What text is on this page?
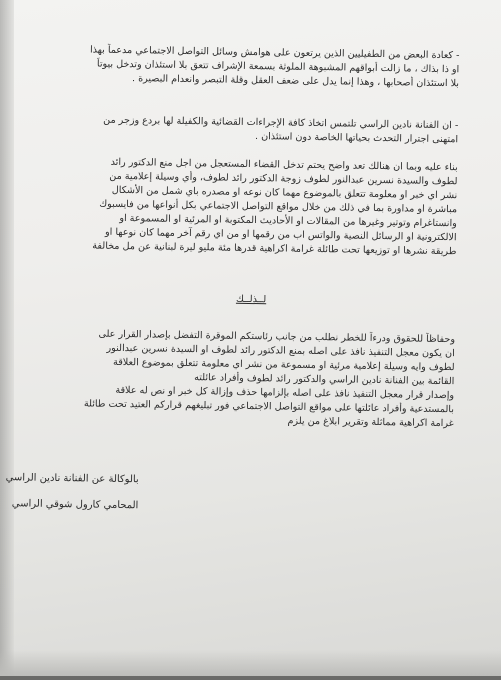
- كعادة البعض من الطفيليين الذين يرتعون على هوامش وسائل التواصل الاجتماعي مدعماً بهذا
او ذا بذاك ، ما زالت أبواقهم المشبوهة الملوثة بسمعة الإشراف تتعق بلا استئذان وتدخل بيوتاً
بلا استئذان أصحابها ، وهذا إنما يدل على ضعف العقل وقلة التبصر وانعدام البصيرة .
- ان الفنانة نادين الراسي تلتمس اتخاذ كافة الإجراءات القضائية والكفيلة لها بردع وزجر من
امتهنى اجترار التحدث بحياتها الخاصة دون استئذان .
بناء عليه وبما ان هنالك تعد واضح يحتم تدخل القضاء المستعجل من اجل منع الدكتور رائد
لطوف والسيدة نسرين عبدالنور لطوف زوجة الدكتور رائد لطوف، وأي وسيلة إعلامية من
نشر اي خبر او معلومة تتعلق بالموضوع مهما كان نوعه او مصدره باي شمل من الأشكال
مباشرة او مداورة بما في ذلك من خلال مواقع التواصل الاجتماعي بكل أنواعها من فايسبوك
وانستاغرام وتوتير وغيرها من المقالات او الأحاديث المكتوبة او المرئية او المسموعة او
الالكترونية او الرسائل النصية والواتس اب من رقمها او من اي رقم آخر مهما كان نوعها او
طريقة نشرها او توزيعها تحت طائلة غرامة اكراهية قدرها مئة مليو ليرة لبنانية عن مل مخالفة
لــذلــك
وحفاظاً للحقوق ودرءاً للخطر نطلب من جانب رئاستكم الموقرة التفضل بإصدار القرار على
ان يكون معجل التنفيذ نافذ على اصله بمنع الدكتور رائد لطوف او السيدة نسرين عبدالنور
لطوف وايه وسيلة إعلامية مرئية او مسموعة من نشر اي معلومة تتعلق بموضوع العلاقة
القائمة بين الفنانة نادين الراسي والدكتور رائد لطوف وأفراد عائلته
وإصدار قرار معجل التنفيذ نافذ على اصله بإلزامها حذف وإزالة كل خبر او نص له علاقة
بالمستدعية وأفراد عائلتها على مواقع التواصل الاجتماعي فور تبليغهم قراركم العتيد تحت طائلة
غرامة اكراهية مماثلة وتقرير ابلاغ من يلزم
بالوكالة عن الفنانة نادين الراسي
المحامي كارول شوقي الراسي
